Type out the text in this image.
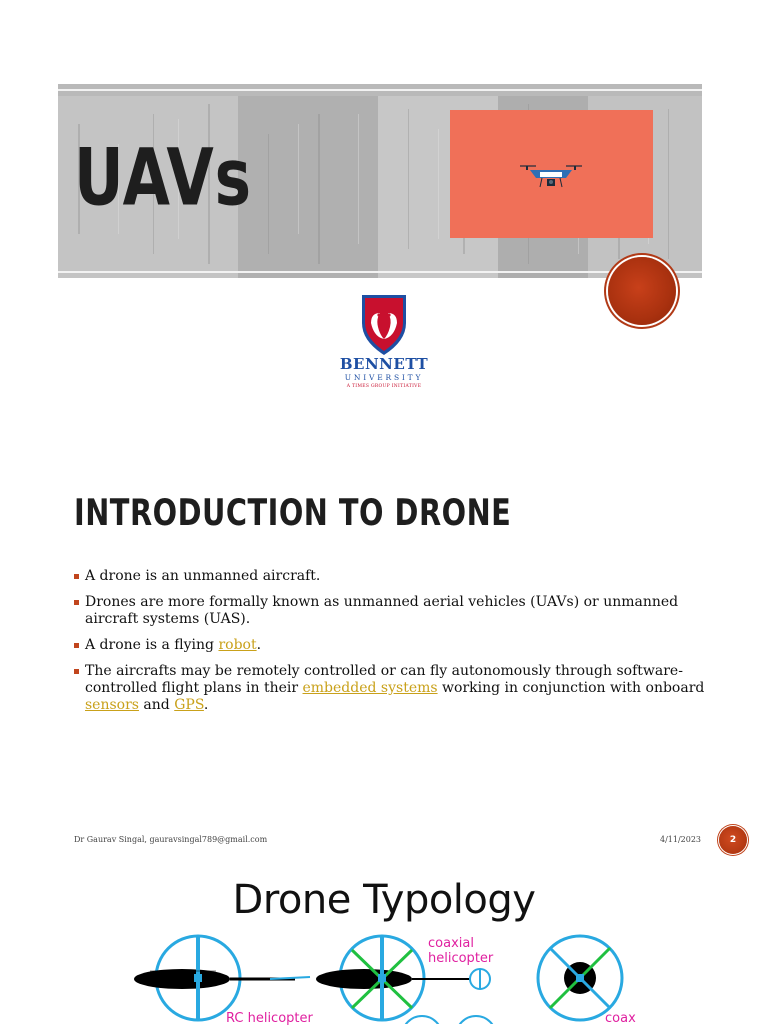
UAVs
BENNETT
UNIVERSITY
A TIMES GROUP INITIATIVE
INTRODUCTION TO DRONE
A drone is an unmanned aircraft.
Drones are more formally known as unmanned aerial vehicles (UAVs) or unmanned aircraft systems (UAS).
A drone is a flying robot.
The aircrafts may be remotely controlled or can fly autonomously through software-controlled flight plans in their embedded systems working in conjunction with onboard sensors and GPS.
Dr Gaurav Singal, gauravsingal789@gmail.com	4/11/2023	2
Drone Typology
coaxial
helicopter
RC helicopter	coax
